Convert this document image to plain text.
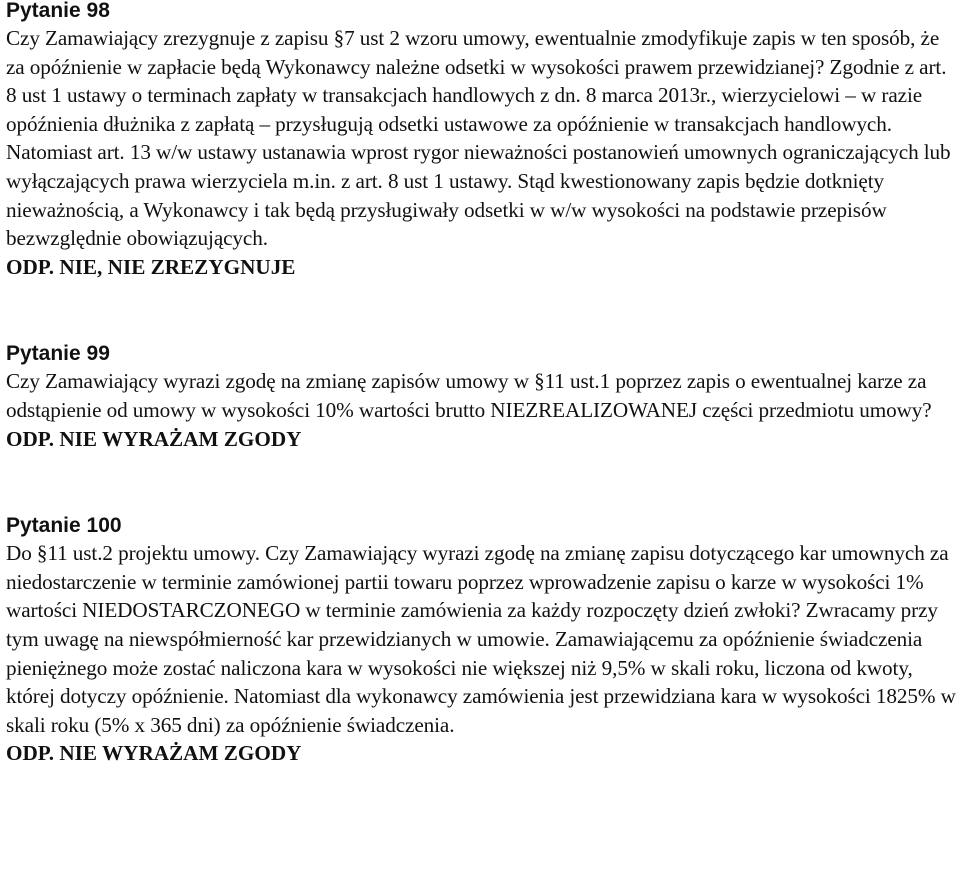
Pytanie 98

Czy Zamawiający zrezygnuje z zapisu §7 ust 2 wzoru umowy, ewentualnie zmodyfikuje zapis w ten sposób, że za opóźnienie w zapłacie będą Wykonawcy należne odsetki w wysokości prawem przewidzianej? Zgodnie z art. 8 ust 1 ustawy o terminach zapłaty w transakcjach handlowych z dn. 8 marca 2013r., wierzycielowi – w razie opóźnienia dłużnika z zapłatą – przysługują odsetki ustawowe za opóźnienie w transakcjach handlowych. Natomiast art. 13 w/w ustawy ustanawia wprost rygor nieważności postanowień umownych ograniczających lub wyłączających prawa wierzyciela m.in. z art. 8 ust 1 ustawy. Stąd kwestionowany zapis będzie dotknięty nieważnością, a Wykonawcy i tak będą przysługiwały odsetki w w/w wysokości na podstawie przepisów bezwzględnie obowiązujących.

ODP. NIE, NIE ZREZYGNUJE

Pytanie 99

Czy Zamawiający wyrazi zgodę na zmianę zapisów umowy w §11 ust.1 poprzez zapis o ewentualnej karze za odstąpienie od umowy w wysokości 10% wartości brutto NIEZREALIZOWANEJ części przedmiotu umowy?

ODP. NIE WYRAŻAM ZGODY

Pytanie 100

Do §11 ust.2 projektu umowy. Czy Zamawiający wyrazi zgodę na zmianę zapisu dotyczącego kar umownych za niedostarczenie w terminie zamówionej partii towaru poprzez wprowadzenie zapisu o karze w wysokości 1% wartości NIEDOSTARCZONEGO w terminie zamówienia za każdy rozpoczęty dzień zwłoki? Zwracamy przy tym uwagę na niewspółmierność kar przewidzianych w umowie. Zamawiającemu za opóźnienie świadczenia pieniężnego może zostać naliczona kara w wysokości nie większej niż 9,5% w skali roku, liczona od kwoty, której dotyczy opóźnienie. Natomiast dla wykonawcy zamówienia jest przewidziana kara w wysokości 1825% w skali roku (5% x 365 dni) za opóźnienie świadczenia.

ODP. NIE WYRAŻAM ZGODY
